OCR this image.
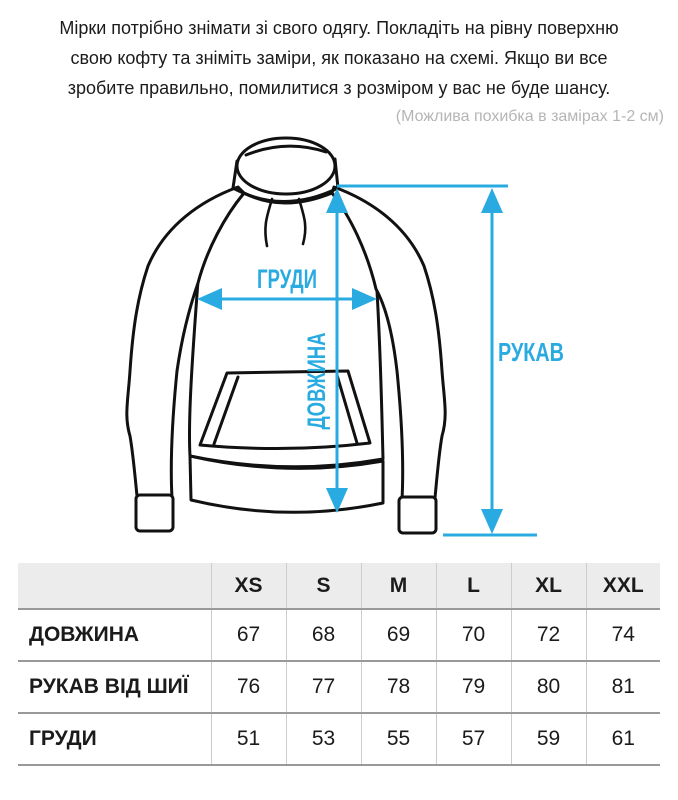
Мірки потрібно знімати зі свого одягу. Покладіть на рівну поверхню свою кофту та зніміть заміри, як показано на схемі. Якщо ви все зробите правильно, помилитися з розміром у вас не буде шансу.
(Можлива похибка в замірах 1-2 см)
ГРУДИ
ДОВЖИНА	РУКАВ
	XS	S	M	L	XL	XXL
ДОВЖИНА	67	68	69	70	72	74
РУКАВ ВІД ШИЇ	76	77	78	79	80	81
ГРУДИ	51	53	55	57	59	61
